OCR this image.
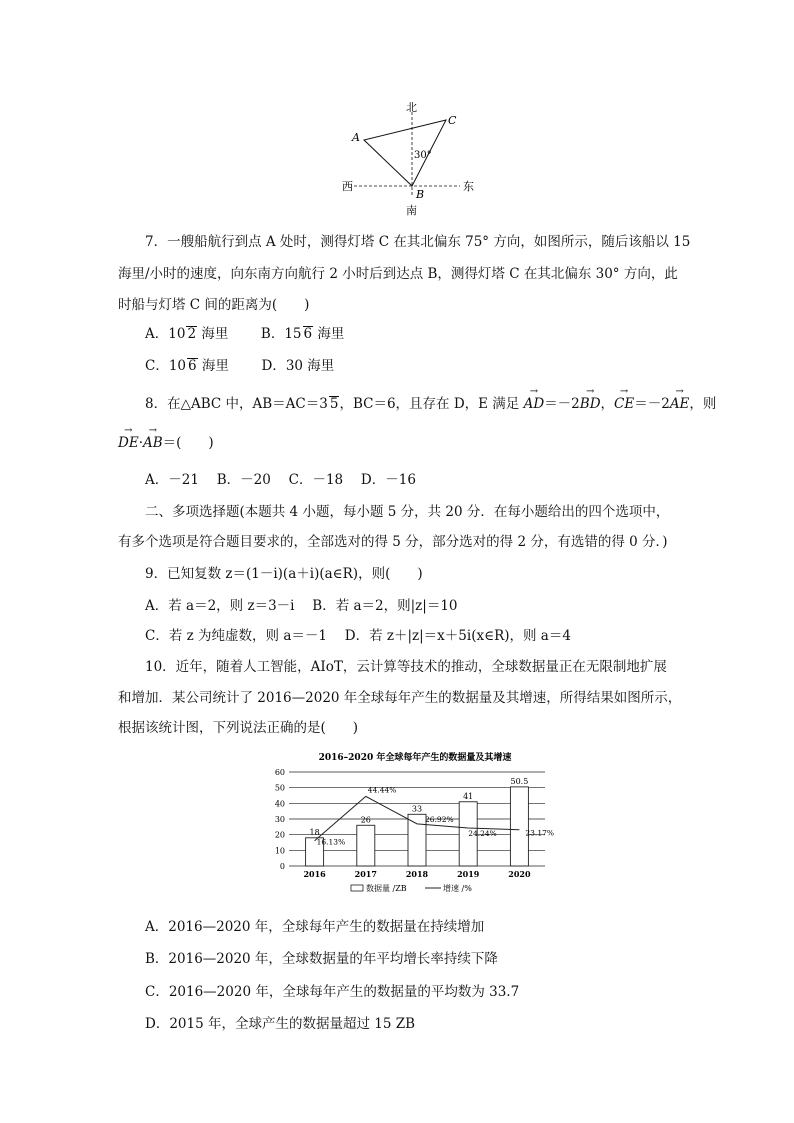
北
南
西	东
A
B
C
30°
7．一艘船航行到点 A 处时，测得灯塔 C 在其北偏东 75° 方向，如图所示，随后该船以 15
海里/小时的速度，向东南方向航行 2 小时后到达点 B，测得灯塔 C 在其北偏东 30° 方向，此
时船与灯塔 C 间的距离为(　　)
A．10 2 海里 B．15 6 海里
C．10 6 海里 D．30 海里
8．在△ABC 中，AB＝AC＝3 5，BC＝6，且存在 D，E 满足 → AD＝－2→ BD，→ CE＝－2→ AE，则
→ DE·→ AB＝(　　)
A．－21　 B．－20　 C．－18　 D．－16
二、多项选择题(本题共 4 小题，每小题 5 分，共 20 分．在每小题给出的四个选项中，
有多个选项是符合题目要求的，全部选对的得 5 分，部分选对的得 2 分，有选错的得 0 分．)
9．已知复数 z＝(1－i)(a＋i)(a∈R)，则(　　)
A．若 a＝2，则 z＝3－i　 B．若 a＝2，则|z|＝10
C．若 z 为纯虚数，则 a＝－1　 D．若 z＋|z|＝x＋5i(x∈R)，则 a＝4
10．近年，随着人工智能，AIoT，云计算等技术的推动，全球数据量正在无限制地扩展
和增加．某公司统计了 2016—2020 年全球每年产生的数据量及其增速，所得结果如图所示，
根据该统计图，下列说法正确的是(　　)
2016–2020 年全球每年产生的数据量及其增速
0
10
20
30
40
50
60
18
2016
26
2017
33
2018
41
2019
50.5
2020
16.13%
44.44%
26.92%
24.24%	23.17%
数据量 /ZB	增速 /%
A．2016—2020 年，全球每年产生的数据量在持续增加
B．2016—2020 年，全球数据量的年平均增长率持续下降
C．2016—2020 年，全球每年产生的数据量的平均数为 33.7
D．2015 年，全球产生的数据量超过 15 ZB
